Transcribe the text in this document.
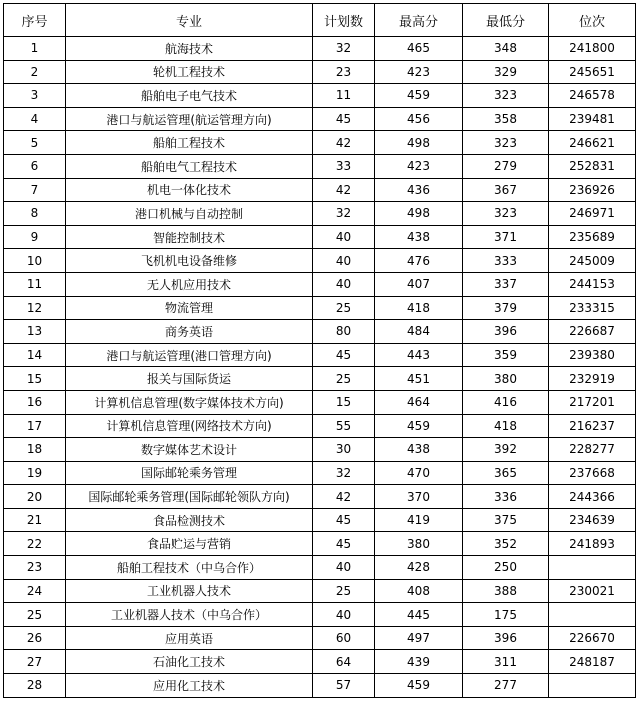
序号	专业	计划数	最高分	最低分	位次
1	航海技术	32	465	348	241800
2	轮机工程技术	23	423	329	245651
3	船舶电子电气技术	11	459	323	246578
4	港口与航运管理(航运管理方向)	45	456	358	239481
5	船舶工程技术	42	498	323	246621
6	船舶电气工程技术	33	423	279	252831
7	机电一体化技术	42	436	367	236926
8	港口机械与自动控制	32	498	323	246971
9	智能控制技术	40	438	371	235689
10	飞机机电设备维修	40	476	333	245009
11	无人机应用技术	40	407	337	244153
12	物流管理	25	418	379	233315
13	商务英语	80	484	396	226687
14	港口与航运管理(港口管理方向)	45	443	359	239380
15	报关与国际货运	25	451	380	232919
16	计算机信息管理(数字媒体技术方向)	15	464	416	217201
17	计算机信息管理(网络技术方向)	55	459	418	216237
18	数字媒体艺术设计	30	438	392	228277
19	国际邮轮乘务管理	32	470	365	237668
20	国际邮轮乘务管理(国际邮轮领队方向)	42	370	336	244366
21	食品检测技术	45	419	375	234639
22	食品贮运与营销	45	380	352	241893
23	船舶工程技术（中乌合作）	40	428	250	
24	工业机器人技术	25	408	388	230021
25	工业机器人技术（中乌合作）	40	445	175	
26	应用英语	60	497	396	226670
27	石油化工技术	64	439	311	248187
28	应用化工技术	57	459	277	
